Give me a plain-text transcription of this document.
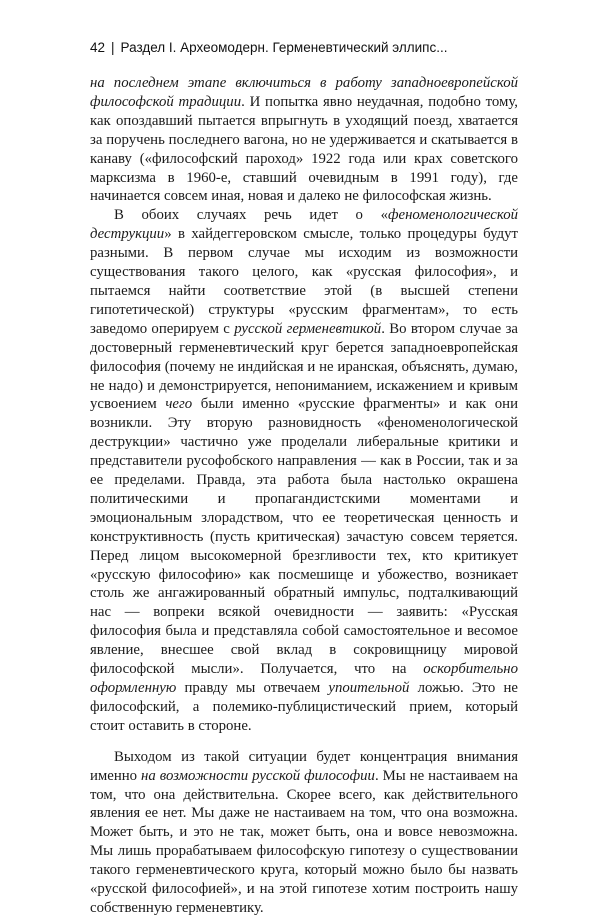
42 | Раздел I. Археомодерн. Герменевтический эллипс...

на последнем этапе включиться в работу западноевропейской философской традиции. И попытка явно неудачная, подобно тому, как опоздавший пытается впрыгнуть в уходящий поезд, хватается за поручень последнего вагона, но не удерживается и скатывается в канаву («философский пароход» 1922 года или крах советского марксизма в 1960-е, ставший очевидным в 1991 году), где начинается совсем иная, новая и далеко не философская жизнь.

В обоих случаях речь идет о «феноменологической деструкции» в хайдеггеровском смысле, только процедуры будут разными. В первом случае мы исходим из возможности существования такого целого, как «русская философия», и пытаемся найти соответствие этой (в высшей степени гипотетической) структуры «русским фрагментам», то есть заведомо оперируем с русской герменевтикой. Во втором случае за достоверный герменевтический круг берется западноевропейская философия (почему не индийская и не иранская, объяснять, думаю, не надо) и демонстрируется, непониманием, искажением и кривым усвоением чего были именно «русские фрагменты» и как они возникли. Эту вторую разновидность «феноменологической деструкции» частично уже проделали либеральные критики и представители русофобского направления — как в России, так и за ее пределами. Правда, эта работа была настолько окрашена политическими и пропагандистскими моментами и эмоциональным злорадством, что ее теоретическая ценность и конструктивность (пусть критическая) зачастую совсем теряется. Перед лицом высокомерной брезгливости тех, кто критикует «русскую философию» как посмешище и убожество, возникает столь же ангажированный обратный импульс, подталкивающий нас — вопреки всякой очевидности — заявить: «Русская философия была и представляла собой самостоятельное и весомое явление, внесшее свой вклад в сокровищницу мировой философской мысли». Получается, что на оскорбительно оформленную правду мы отвечаем упоительной ложью. Это не философский, а полемико-публицистический прием, который стоит оставить в стороне.

Выходом из такой ситуации будет концентрация внимания именно на возможности русской философии. Мы не настаиваем на том, что она действительна. Скорее всего, как действительного явления ее нет. Мы даже не настаиваем на том, что она возможна. Может быть, и это не так, может быть, она и вовсе невозможна. Мы лишь прорабатываем философскую гипотезу о существовании такого герменевтического круга, который можно было бы назвать «русской философией», и на этой гипотезе хотим построить нашу собственную герменевтику.
